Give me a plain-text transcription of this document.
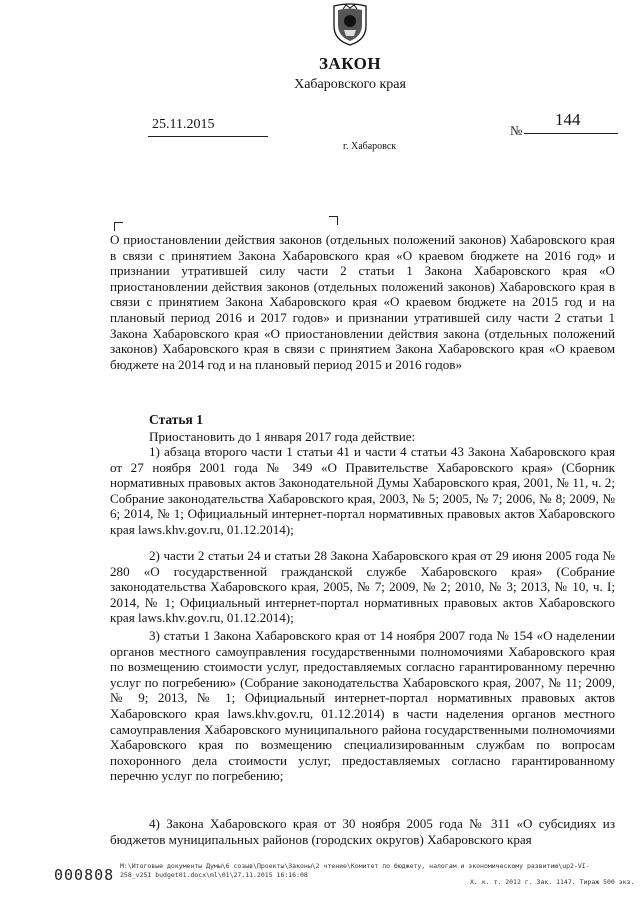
ЗАКОН
Хабаровского края
25.11.2015	№
144
г. Хабаровск
О приостановлении действия законов (отдельных положений законов) Хабаровского края в связи с принятием Закона Хабаровского края «О краевом бюджете на 2016 год» и признании утратившей силу части 2 статьи 1 Закона Хабаровского края «О приостановлении действия законов (отдельных положений законов) Хабаровского края в связи с принятием Закона Хабаровского края «О краевом бюджете на 2015 год и на плановый период 2016 и 2017 годов» и признании утратившей силу части 2 статьи 1 Закона Хабаровского края «О приостановлении действия закона (отдельных положений законов) Хабаровского края в связи с принятием Закона Хабаровского края «О краевом бюджете на 2014 год и на плановый период 2015 и 2016 годов»
Статья 1
Приостановить до 1 января 2017 года действие:
1) абзаца второго части 1 статьи 41 и части 4 статьи 43 Закона Хабаровского края от 27 ноября 2001 года № 349 «О Правительстве Хабаровского края» (Сборник нормативных правовых актов Законодательной Думы Хабаровского края, 2001, № 11, ч. 2; Собрание законодательства Хабаровского края, 2003, № 5; 2005, № 7; 2006, № 8; 2009, № 6; 2014, № 1; Официальный интернет-портал нормативных правовых актов Хабаровского края laws.khv.gov.ru, 01.12.2014);
2) части 2 статьи 24 и статьи 28 Закона Хабаровского края от 29 июня 2005 года № 280 «О государственной гражданской службе Хабаровского края» (Собрание законодательства Хабаровского края, 2005, № 7; 2009, № 2; 2010, № 3; 2013, № 10, ч. I; 2014, № 1; Официальный интернет-портал нормативных правовых актов Хабаровского края laws.khv.gov.ru, 01.12.2014);
3) статьи 1 Закона Хабаровского края от 14 ноября 2007 года № 154 «О наделении органов местного самоуправления государственными полномочиями Хабаровского края по возмещению стоимости услуг, предоставляемых согласно гарантированному перечню услуг по погребению» (Собрание законодательства Хабаровского края, 2007, № 11; 2009, № 9; 2013, № 1; Официальный интернет-портал нормативных правовых актов Хабаровского края laws.khv.gov.ru, 01.12.2014) в части наделения органов местного самоуправления Хабаровского муниципального района государственными полномочиями Хабаровского края по возмещению специализированным службам по вопросам похоронного дела стоимости услуг, предоставляемых согласно гарантированному перечню услуг по погребению;
4) Закона Хабаровского края от 30 ноября 2005 года № 311 «О субсидиях из бюджетов муниципальных районов (городских округов) Хабаровского края
000808 M:\Итоговые документы Думы\6 созыв\Проекты\Законы\2 чтение\Комитет по бюджету, налогам и экономическому развитию\up2-VI-
258_v251 budget01.docx\ml\01\27.11.2015 16:16:08
Х. к. т. 2012 г. Зак. 1147. Тираж 500 экз.
